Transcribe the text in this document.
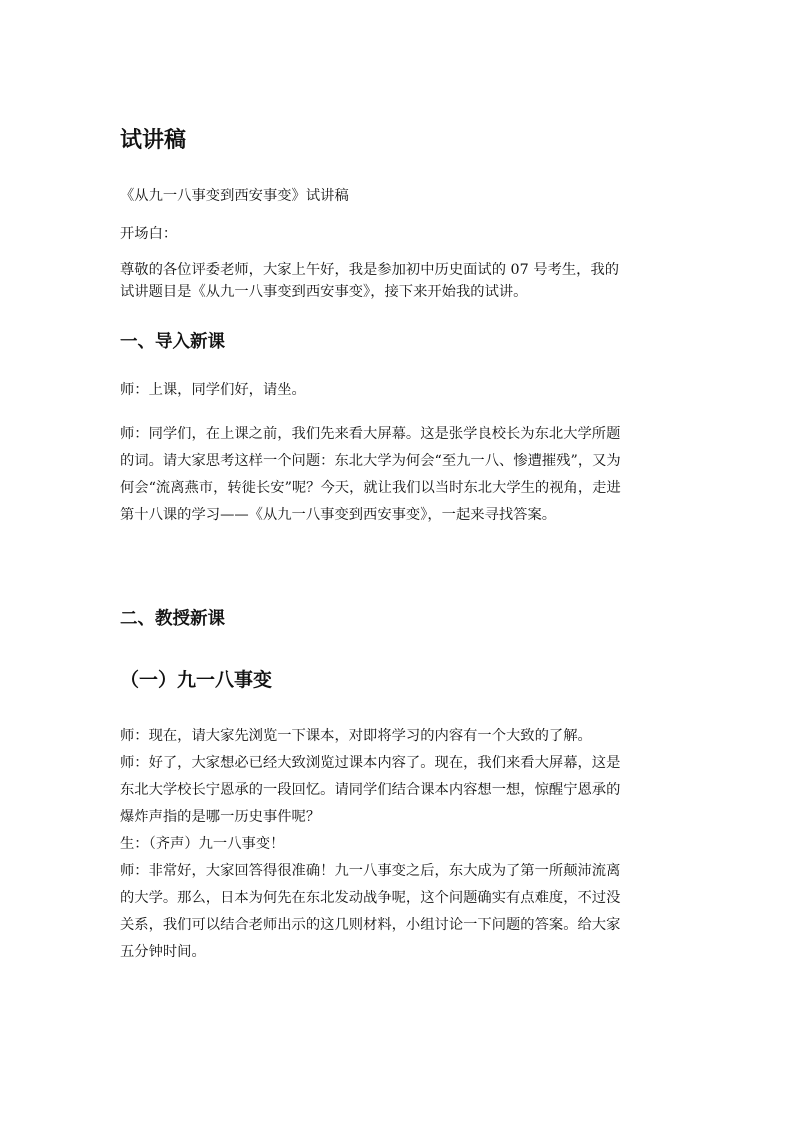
试讲稿

《从九一八事变到西安事变》试讲稿

开场白：

尊敬的各位评委老师，大家上午好，我是参加初中历史面试的 07 号考生，我的
试讲题目是《从九一八事变到西安事变》，接下来开始我的试讲。

一、导入新课

师：上课，同学们好，请坐。

师：同学们，在上课之前，我们先来看大屏幕。这是张学良校长为东北大学所题
的词。请大家思考这样一个问题：东北大学为何会“至九一八、惨遭摧残”，又为
何会“流离燕市，转徙长安”呢？今天，就让我们以当时东北大学生的视角，走进
第十八课的学习——《从九一八事变到西安事变》，一起来寻找答案。

二、教授新课
（一）九一八事变

师：现在，请大家先浏览一下课本，对即将学习的内容有一个大致的了解。
师：好了，大家想必已经大致浏览过课本内容了。现在，我们来看大屏幕，这是
东北大学校长宁恩承的一段回忆。请同学们结合课本内容想一想，惊醒宁恩承的
爆炸声指的是哪一历史事件呢？
生：（齐声）九一八事变！
师：非常好，大家回答得很准确！九一八事变之后，东大成为了第一所颠沛流离
的大学。那么，日本为何先在东北发动战争呢，这个问题确实有点难度，不过没
关系，我们可以结合老师出示的这几则材料，小组讨论一下问题的答案。给大家
五分钟时间。
